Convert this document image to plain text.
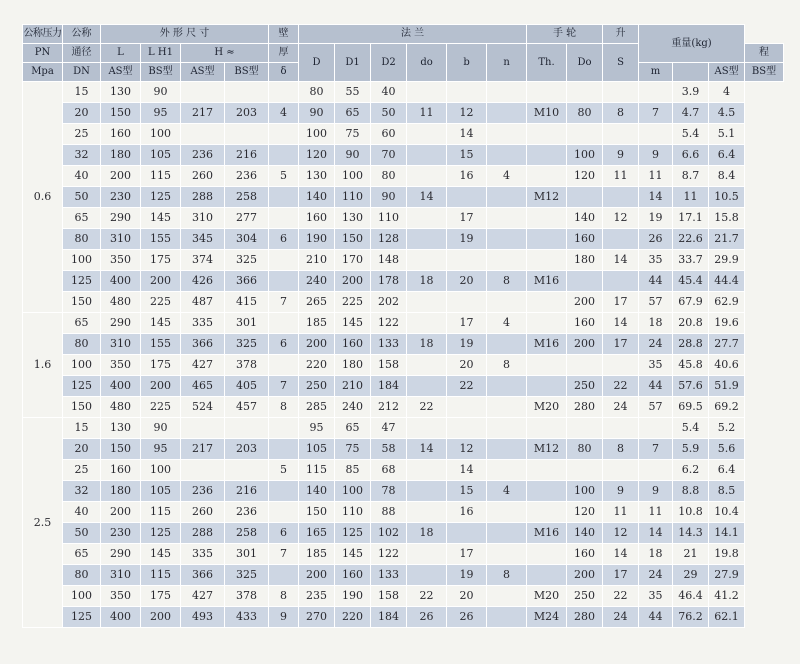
公称压力	公称	外 形 尺 寸				壁	法 兰						手 轮		升	重量(kg)			
PN	通径	L	L H1	H ≈		厚	D	D1	D2	do	b	n	Th.	Do	S				程
Mpa	DN	AS型	BS型	AS型	BS型	δ										m		AS型	BS型
0.6	15	130	90				80	55	40								3.9	4	
	20	150	95	217	203	4	90	65	50	11	12		M10	80	8	7	4.7	4.5	
	25	160	100				100	75	60		14						5.4	5.1	
	32	180	105	236	216		120	90	70		15			100	9	9	6.6	6.4	
	40	200	115	260	236	5	130	100	80		16	4		120	11	11	8.7	8.4	
	50	230	125	288	258		140	110	90	14			M12			14	11	10.5	
	65	290	145	310	277		160	130	110		17			140	12	19	17.1	15.8	
	80	310	155	345	304	6	190	150	128		19			160		26	22.6	21.7	
	100	350	175	374	325		210	170	148					180	14	35	33.7	29.9	
	125	400	200	426	366		240	200	178	18	20	8	M16			44	45.4	44.4	
	150	480	225	487	415	7	265	225	202					200	17	57	67.9	62.9	
1.6	65	290	145	335	301		185	145	122		17	4		160	14	18	20.8	19.6	
	80	310	155	366	325	6	200	160	133	18	19		M16	200	17	24	28.8	27.7	
	100	350	175	427	378		220	180	158		20	8				35	45.8	40.6	
	125	400	200	465	405	7	250	210	184		22			250	22	44	57.6	51.9	
	150	480	225	524	457	8	285	240	212	22			M20	280	24	57	69.5	69.2	
2.5	15	130	90				95	65	47								5.4	5.2	
	20	150	95	217	203		105	75	58	14	12		M12	80	8	7	5.9	5.6	
	25	160	100			5	115	85	68		14						6.2	6.4	
	32	180	105	236	216		140	100	78		15	4		100	9	9	8.8	8.5	
	40	200	115	260	236		150	110	88		16			120	11	11	10.8	10.4	
	50	230	125	288	258	6	165	125	102	18			M16	140	12	14	14.3	14.1	
	65	290	145	335	301	7	185	145	122		17			160	14	18	21	19.8	
	80	310	115	366	325		200	160	133		19	8		200	17	24	29	27.9	
	100	350	175	427	378	8	235	190	158	22	20		M20	250	22	35	46.4	41.2	
	125	400	200	493	433	9	270	220	184	26	26		M24	280	24	44	76.2	62.1	
